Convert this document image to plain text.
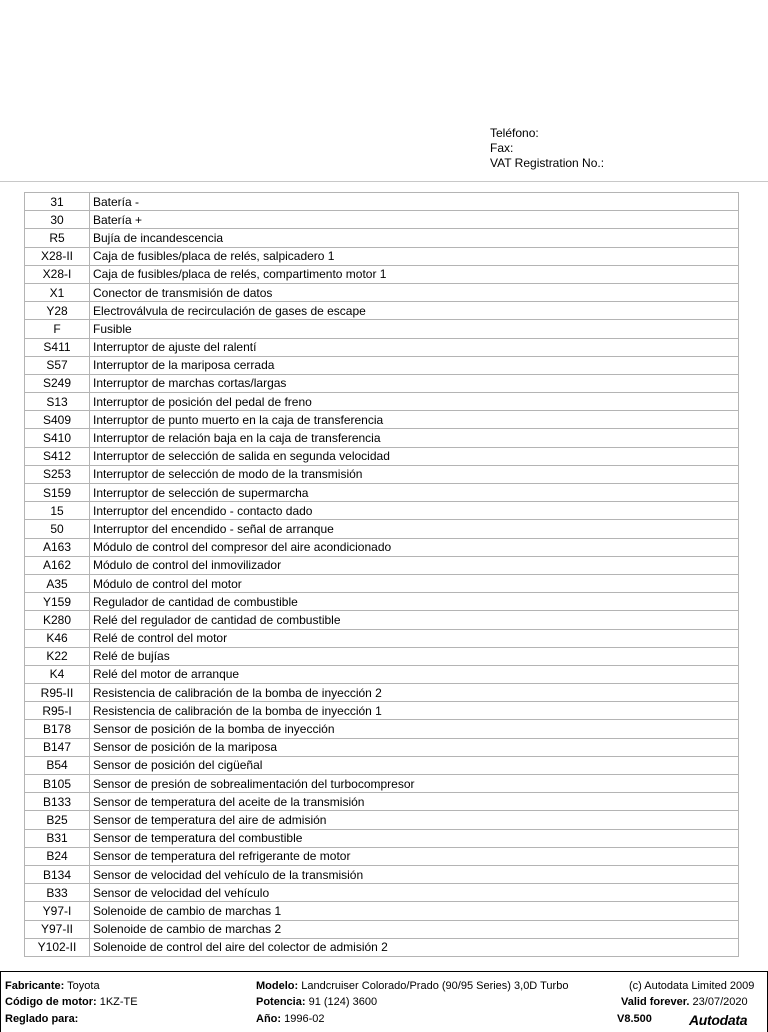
Teléfono:
Fax:
VAT Registration No.:
31	Batería -
30	Batería +
R5	Bujía de incandescencia
X28-II	Caja de fusibles/placa de relés, salpicadero 1
X28-I	Caja de fusibles/placa de relés, compartimento motor 1
X1	Conector de transmisión de datos
Y28	Electroválvula de recirculación de gases de escape
F	Fusible
S411	Interruptor de ajuste del ralentí
S57	Interruptor de la mariposa cerrada
S249	Interruptor de marchas cortas/largas
S13	Interruptor de posición del pedal de freno
S409	Interruptor de punto muerto en la caja de transferencia
S410	Interruptor de relación baja en la caja de transferencia
S412	Interruptor de selección de salida en segunda velocidad
S253	Interruptor de selección de modo de la transmisión
S159	Interruptor de selección de supermarcha
15	Interruptor del encendido - contacto dado
50	Interruptor del encendido - señal de arranque
A163	Módulo de control del compresor del aire acondicionado
A162	Módulo de control del inmovilizador
A35	Módulo de control del motor
Y159	Regulador de cantidad de combustible
K280	Relé del regulador de cantidad de combustible
K46	Relé de control del motor
K22	Relé de bujías
K4	Relé del motor de arranque
R95-II	Resistencia de calibración de la bomba de inyección 2
R95-I	Resistencia de calibración de la bomba de inyección 1
B178	Sensor de posición de la bomba de inyección
B147	Sensor de posición de la mariposa
B54	Sensor de posición del cigüeñal
B105	Sensor de presión de sobrealimentación del turbocompresor
B133	Sensor de temperatura del aceite de la transmisión
B25	Sensor de temperatura del aire de admisión
B31	Sensor de temperatura del combustible
B24	Sensor de temperatura del refrigerante de motor
B134	Sensor de velocidad del vehículo de la transmisión
B33	Sensor de velocidad del vehículo
Y97-I	Solenoide de cambio de marchas 1
Y97-II	Solenoide de cambio de marchas 2
Y102-II	Solenoide de control del aire del colector de admisión 2
Fabricante: Toyota
Código de motor: 1KZ-TE
Reglado para:
Modelo: Landcruiser Colorado/Prado (90/95 Series) 3,0D Turbo
Potencia: 91 (124) 3600
Año: 1996-02
(c) Autodata Limited 2009
Valid forever. 23/07/2020
V8.500	Autodata
